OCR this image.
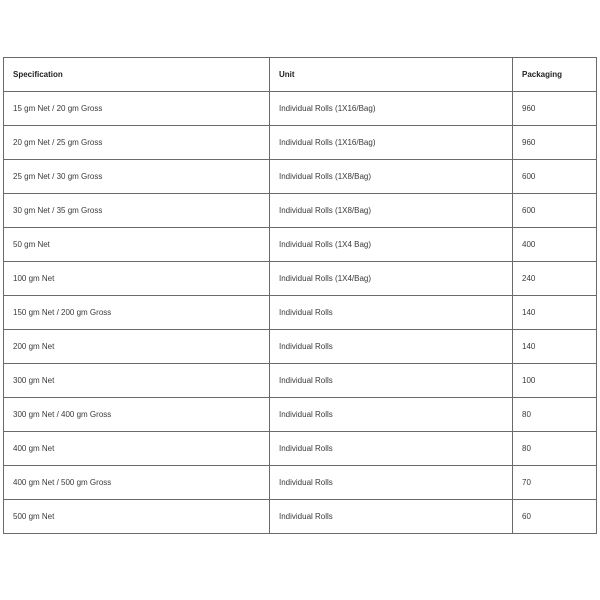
Specification	Unit	Packaging
15 gm Net / 20 gm Gross	Individual Rolls (1X16/Bag)	960
20 gm Net / 25 gm Gross	Individual Rolls (1X16/Bag)	960
25 gm Net / 30 gm Gross	Individual Rolls (1X8/Bag)	600
30 gm Net / 35 gm Gross	Individual Rolls (1X8/Bag)	600
50 gm Net	Individual Rolls (1X4 Bag)	400
100 gm Net	Individual Rolls (1X4/Bag)	240
150 gm Net / 200 gm Gross	Individual Rolls	140
200 gm Net	Individual Rolls	140
300 gm Net	Individual Rolls	100
300 gm Net / 400 gm Gross	Individual Rolls	80
400 gm Net	Individual Rolls	80
400 gm Net / 500 gm Gross	Individual Rolls	70
500 gm Net	Individual Rolls	60
